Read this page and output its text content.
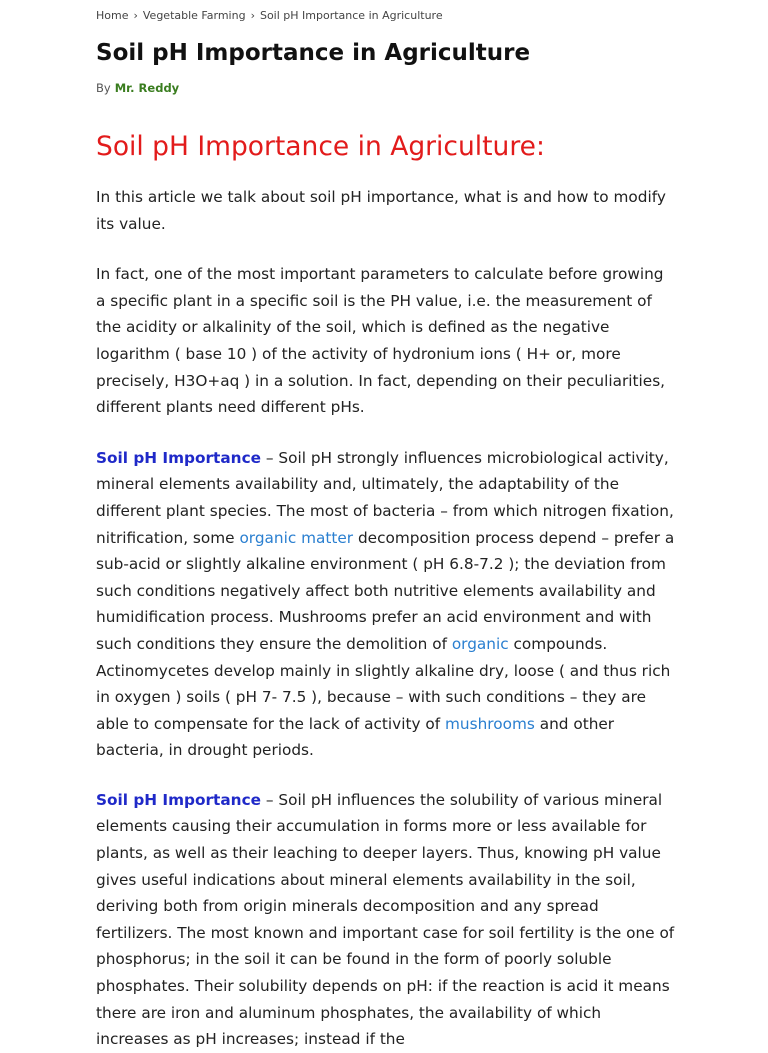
Home › Vegetable Farming › Soil pH Importance in Agriculture
Soil pH Importance in Agriculture
By Mr. Reddy
Soil pH Importance in Agriculture:

In this article we talk about soil pH importance, what is and how to modify its value.

In fact, one of the most important parameters to calculate before growing a specific plant in a specific soil is the PH value, i.e. the measurement of the acidity or alkalinity of the soil, which is defined as the negative logarithm ( base 10 ) of the activity of hydronium ions ( H+ or, more precisely, H3O+aq ) in a solution. In fact, depending on their peculiarities, different plants need different pHs.

Soil pH Importance – Soil pH strongly influences microbiological activity, mineral elements availability and, ultimately, the adaptability of the different plant species. The most of bacteria – from which nitrogen fixation, nitrification, some organic matter decomposition process depend – prefer a sub-acid or slightly alkaline environment ( pH 6.8-7.2 ); the deviation from such conditions negatively affect both nutritive elements availability and humidification process. Mushrooms prefer an acid environment and with such conditions they ensure the demolition of organic compounds. Actinomycetes develop mainly in slightly alkaline dry, loose ( and thus rich in oxygen ) soils ( pH 7- 7.5 ), because – with such conditions – they are able to compensate for the lack of activity of mushrooms and other bacteria, in drought periods.

Soil pH Importance – Soil pH influences the solubility of various mineral elements causing their accumulation in forms more or less available for plants, as well as their leaching to deeper layers. Thus, knowing pH value gives useful indications about mineral elements availability in the soil, deriving both from origin minerals decomposition and any spread fertilizers. The most known and important case for soil fertility is the one of phosphorus; in the soil it can be found in the form of poorly soluble phosphates. Their solubility depends on pH: if the reaction is acid it means there are iron and aluminum phosphates, the availability of which increases as pH increases; instead if the
